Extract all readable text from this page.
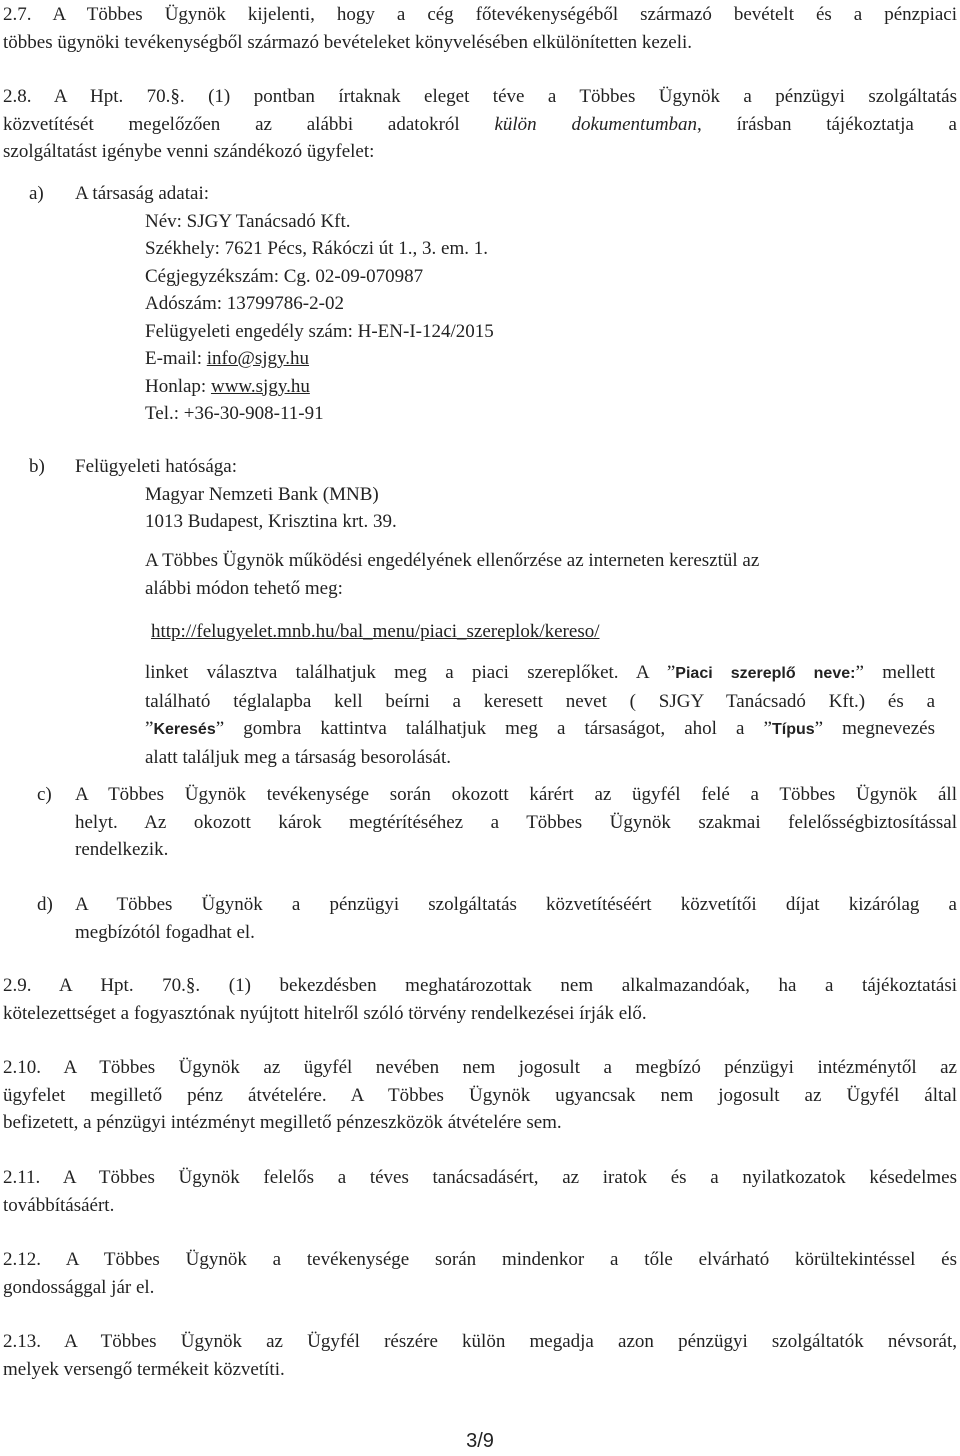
2.7. A Többes Ügynök kijelenti, hogy a cég főtevékenységéből származó bevételt és a pénzpiaci
többes ügynöki tevékenységből származó bevételeket könyvelésében elkülönítetten kezeli.
2.8. A Hpt. 70.§. (1) pontban írtaknak eleget téve a Többes Ügynök a pénzügyi szolgáltatás
közvetítését megelőzően az alábbi adatokról külön dokumentumban, írásban tájékoztatja a
szolgáltatást igénybe venni szándékozó ügyfelet:
a) A társaság adatai:
Név: SJGY Tanácsadó Kft.
Székhely: 7621 Pécs, Rákóczi út 1., 3. em. 1.
Cégjegyzékszám: Cg. 02-09-070987
Adószám: 13799786-2-02
Felügyeleti engedély szám: H-EN-I-124/2015
E-mail: info@sjgy.hu
Honlap: www.sjgy.hu
Tel.: +36-30-908-11-91
b) Felügyeleti hatósága:
Magyar Nemzeti Bank (MNB)
1013 Budapest, Krisztina krt. 39.
A Többes Ügynök működési engedélyének ellenőrzése az interneten keresztül az
alábbi módon tehető meg:
http://felugyelet.mnb.hu/bal_menu/piaci_szereplok/kereso/
linket választva találhatjuk meg a piaci szereplőket. A ”Piaci szereplő neve:” mellett
található téglalapba kell beírni a keresett nevet ( SJGY Tanácsadó Kft.) és a
”Keresés” gombra kattintva találhatjuk meg a társaságot, ahol a ”Típus” megnevezés
alatt találjuk meg a társaság besorolását.
c) A Többes Ügynök tevékenysége során okozott kárért az ügyfél felé a Többes Ügynök áll
helyt. Az okozott károk megtérítéséhez a Többes Ügynök szakmai felelősségbiztosítással
rendelkezik.
d) A Többes Ügynök a pénzügyi szolgáltatás közvetítéséért közvetítői díjat kizárólag a
megbízótól fogadhat el.
2.9. A Hpt. 70.§. (1) bekezdésben meghatározottak nem alkalmazandóak, ha a tájékoztatási
kötelezettséget a fogyasztónak nyújtott hitelről szóló törvény rendelkezései írják elő.
2.10. A Többes Ügynök az ügyfél nevében nem jogosult a megbízó pénzügyi intézménytől az
ügyfelet megillető pénz átvételére. A Többes Ügynök ugyancsak nem jogosult az Ügyfél által
befizetett, a pénzügyi intézményt megillető pénzeszközök átvételére sem.
2.11. A Többes Ügynök felelős a téves tanácsadásért, az iratok és a nyilatkozatok késedelmes
továbbításáért.
2.12. A Többes Ügynök a tevékenysége során mindenkor a tőle elvárható körültekintéssel és
gondossággal jár el.
2.13. A Többes Ügynök az Ügyfél részére külön megadja azon pénzügyi szolgáltatók névsorát,
melyek versengő termékeit közvetíti.
3/9
